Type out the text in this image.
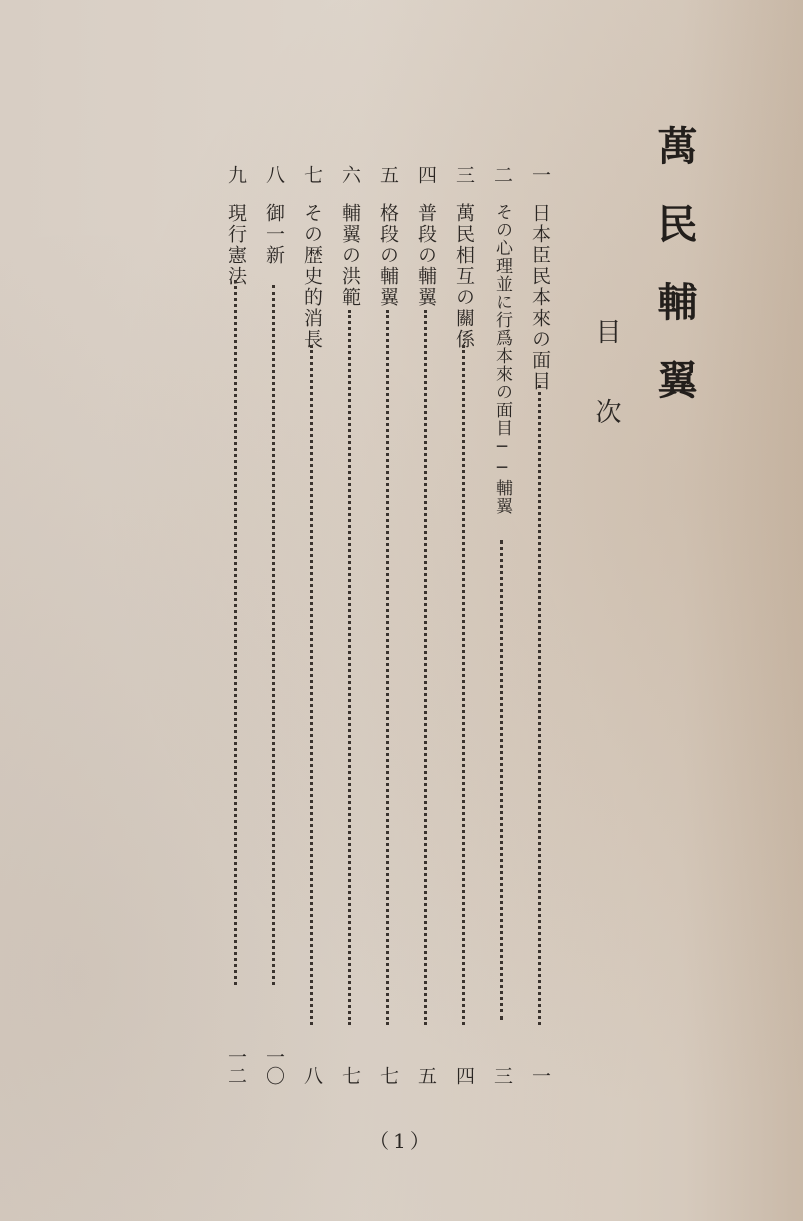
萬民輔翼
目次
一
日本臣民本來の面目
一
二
その心理並に行爲本來の面目──輔翼
三
三
萬民相互の關係
四
四
普段の輔翼
五
五
格段の輔翼
七
六
輔翼の洪範
七
七
その歴史的消長
八
八
御一新
一〇
九
現行憲法
一二
（1）
